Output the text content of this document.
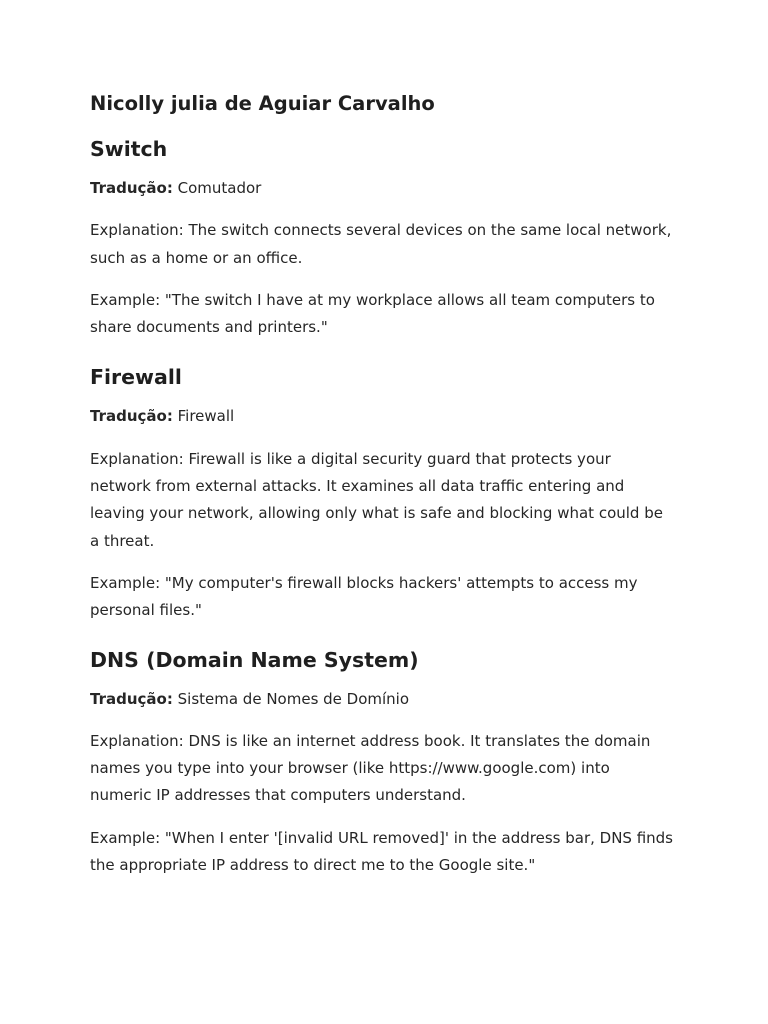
Nicolly julia de Aguiar Carvalho
Switch

Tradução: Comutador

Explanation: The switch connects several devices on the same local network,
such as a home or an office.

Example: "The switch I have at my workplace allows all team computers to
share documents and printers."

Firewall

Tradução: Firewall

Explanation: Firewall is like a digital security guard that protects your
network from external attacks. It examines all data traffic entering and
leaving your network, allowing only what is safe and blocking what could be
a threat.

Example: "My computer's firewall blocks hackers' attempts to access my
personal files."

DNS (Domain Name System)

Tradução: Sistema de Nomes de Domínio

Explanation: DNS is like an internet address book. It translates the domain
names you type into your browser (like https://www.google.com) into
numeric IP addresses that computers understand.

Example: "When I enter '[invalid URL removed]' in the address bar, DNS finds
the appropriate IP address to direct me to the Google site."
